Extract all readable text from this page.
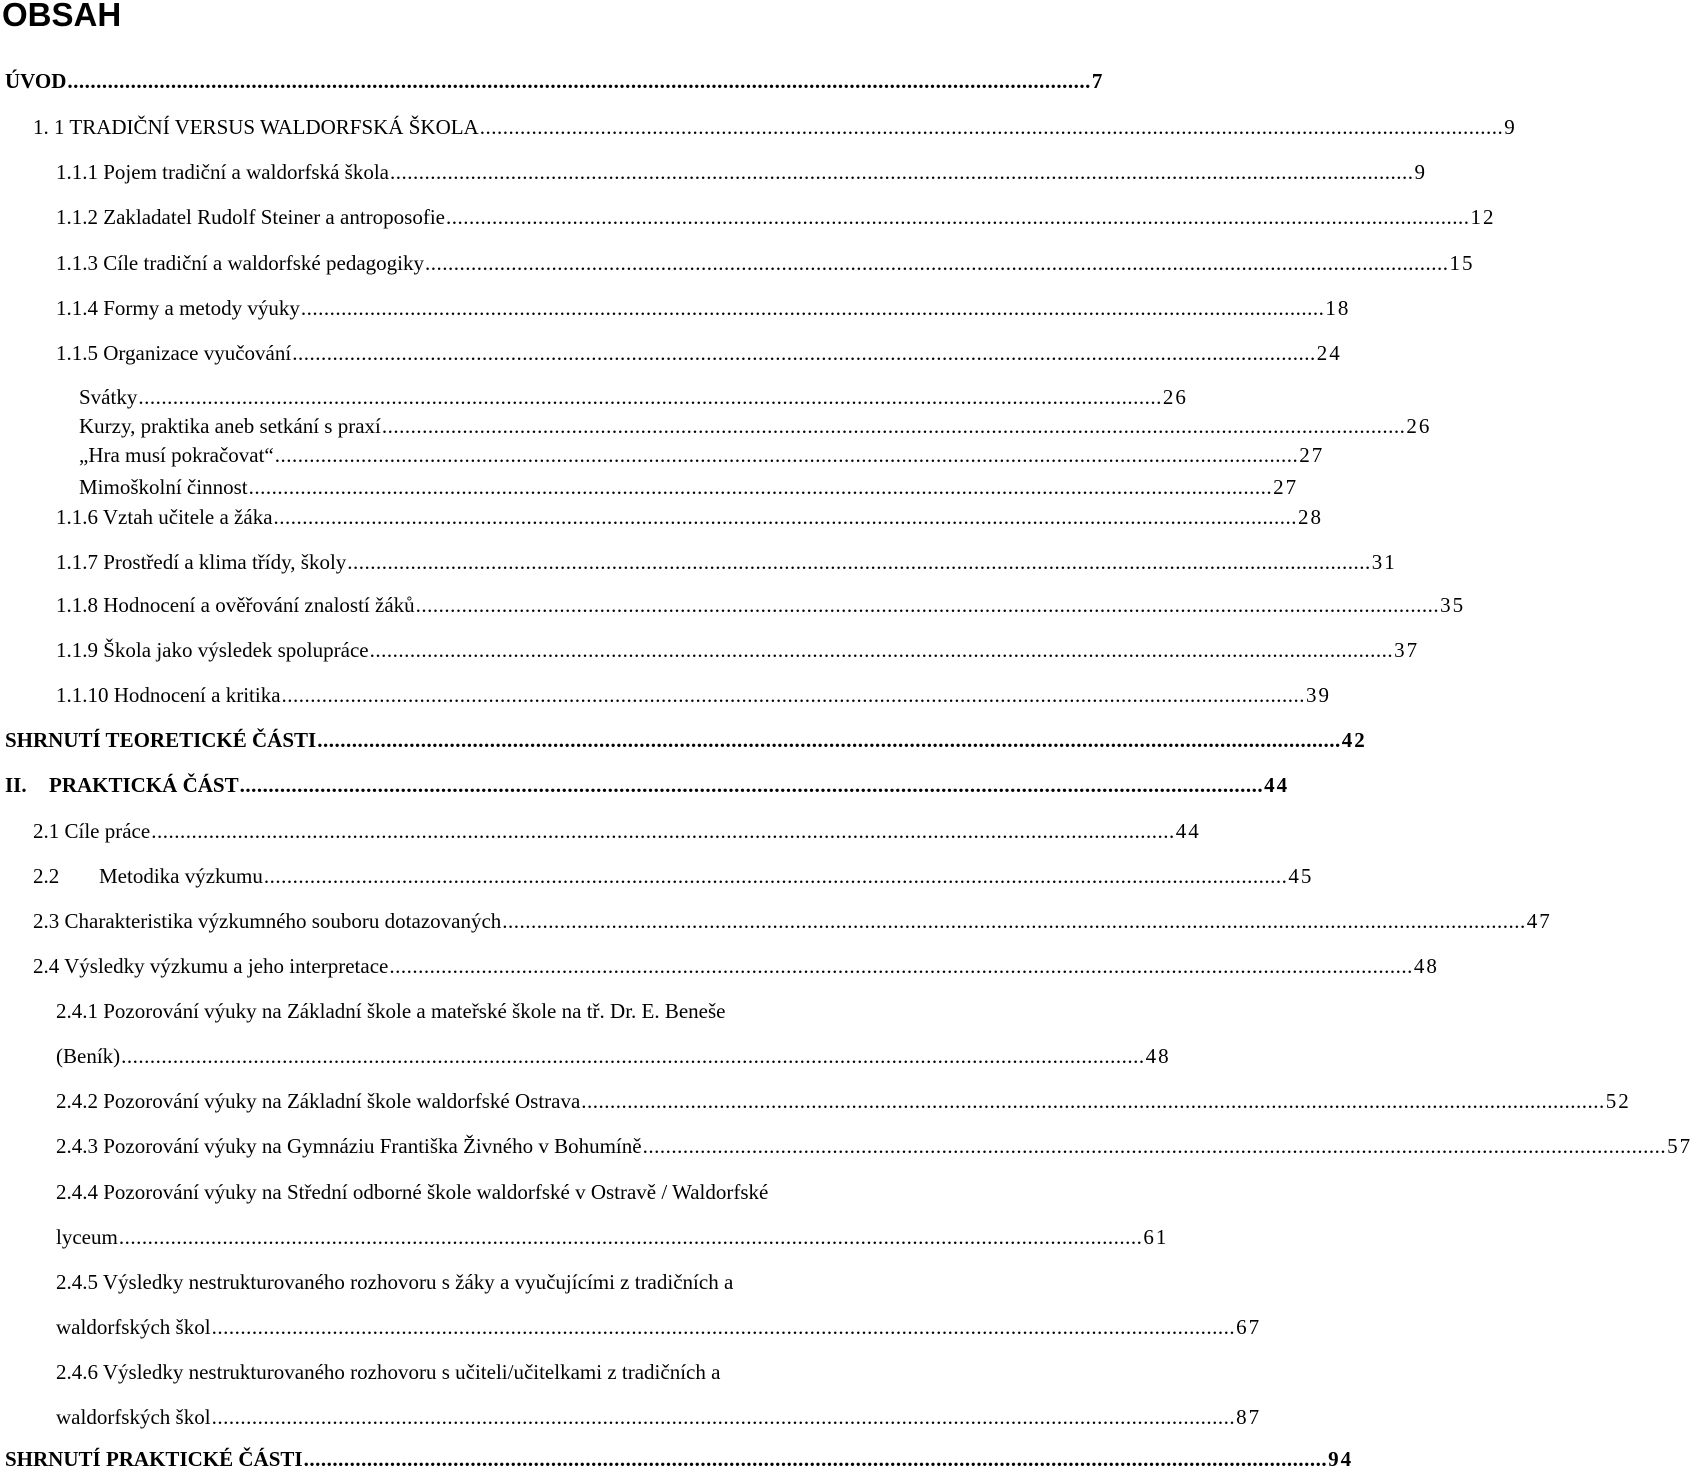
OBSAH
ÚVOD .................................................................................................................................................................................. 7
1. 1 TRADIČNÍ VERSUS WALDORFSKÁ ŠKOLA .................................................................................................................................................................................. 9
1.1.1 Pojem tradiční a waldorfská škola .................................................................................................................................................................................. 9
1.1.2 Zakladatel Rudolf Steiner a antroposofie .................................................................................................................................................................................. 12
1.1.3 Cíle tradiční a waldorfské pedagogiky .................................................................................................................................................................................. 15
1.1.4 Formy a metody výuky .................................................................................................................................................................................. 18
1.1.5 Organizace vyučování .................................................................................................................................................................................. 24
Svátky .................................................................................................................................................................................. 26
Kurzy, praktika aneb setkání s praxí .................................................................................................................................................................................. 26
„Hra musí pokračovat“ .................................................................................................................................................................................. 27
Mimoškolní činnost .................................................................................................................................................................................. 27
1.1.6 Vztah učitele a žáka .................................................................................................................................................................................. 28
1.1.7 Prostředí a klima třídy, školy .................................................................................................................................................................................. 31
1.1.8 Hodnocení a ověřování znalostí žáků .................................................................................................................................................................................. 35
1.1.9 Škola jako výsledek spolupráce .................................................................................................................................................................................. 37
1.1.10 Hodnocení a kritika .................................................................................................................................................................................. 39
SHRNUTÍ TEORETICKÉ ČÁSTI .................................................................................................................................................................................. 42
II. PRAKTICKÁ ČÁST .................................................................................................................................................................................. 44
2.1 Cíle práce .................................................................................................................................................................................. 44
2.2 Metodika výzkumu .................................................................................................................................................................................. 45
2.3 Charakteristika výzkumného souboru dotazovaných .................................................................................................................................................................................. 47
2.4 Výsledky výzkumu a jeho interpretace .................................................................................................................................................................................. 48
2.4.1 Pozorování výuky na Základní škole a mateřské škole na tř. Dr. E. Beneše
(Beník) .................................................................................................................................................................................. 48
2.4.2 Pozorování výuky na Základní škole waldorfské Ostrava .................................................................................................................................................................................. 52
2.4.3 Pozorování výuky na Gymnáziu Františka Živného v Bohumíně .................................................................................................................................................................................. 57
2.4.4 Pozorování výuky na Střední odborné škole waldorfské v Ostravě / Waldorfské
lyceum .................................................................................................................................................................................. 61
2.4.5 Výsledky nestrukturovaného rozhovoru s žáky a vyučujícími z tradičních a
waldorfských škol .................................................................................................................................................................................. 67
2.4.6 Výsledky nestrukturovaného rozhovoru s učiteli/učitelkami z tradičních a
waldorfských škol .................................................................................................................................................................................. 87
SHRNUTÍ PRAKTICKÉ ČÁSTI .................................................................................................................................................................................. 94
